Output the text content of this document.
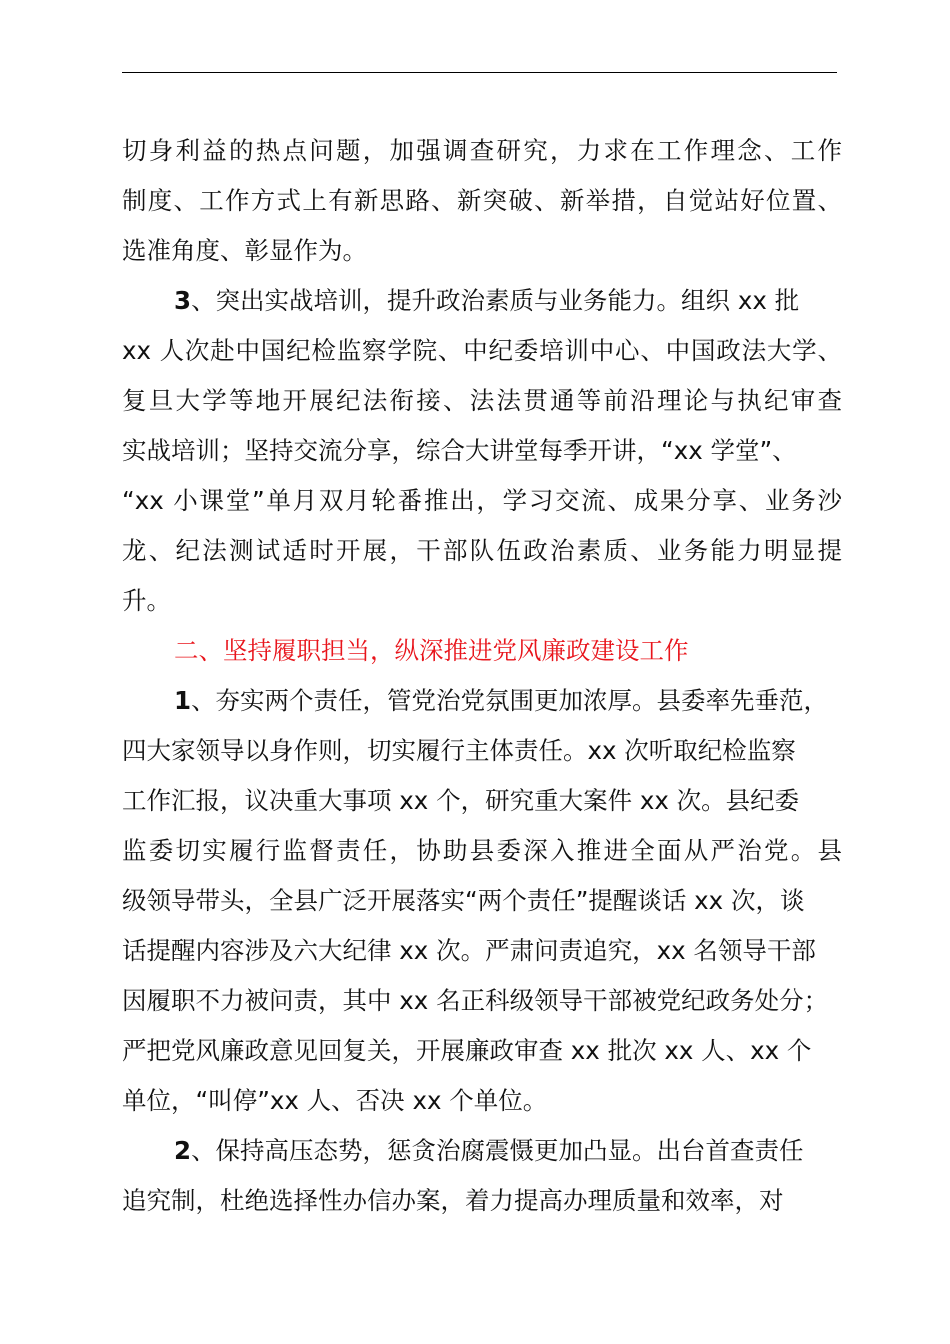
切身利益的热点问题，加强调查研究，力求在工作理念、工作
制度、工作方式上有新思路、新突破、新举措，自觉站好位置、
选准角度、彰显作为。
3、突出实战培训，提升政治素质与业务能力。组织 xx 批
xx 人次赴中国纪检监察学院、中纪委培训中心、中国政法大学、
复旦大学等地开展纪法衔接、法法贯通等前沿理论与执纪审查
实战培训；坚持交流分享，综合大讲堂每季开讲，“xx 学堂”、
“xx 小课堂”单月双月轮番推出，学习交流、成果分享、业务沙
龙、纪法测试适时开展，干部队伍政治素质、业务能力明显提
升。
二、坚持履职担当，纵深推进党风廉政建设工作
1、夯实两个责任，管党治党氛围更加浓厚。县委率先垂范，
四大家领导以身作则，切实履行主体责任。xx 次听取纪检监察
工作汇报，议决重大事项 xx 个，研究重大案件 xx 次。县纪委
监委切实履行监督责任，协助县委深入推进全面从严治党。县
级领导带头，全县广泛开展落实“两个责任”提醒谈话 xx 次，谈
话提醒内容涉及六大纪律 xx 次。严肃问责追究，xx 名领导干部
因履职不力被问责，其中 xx 名正科级领导干部被党纪政务处分；
严把党风廉政意见回复关，开展廉政审查 xx 批次 xx 人、xx 个
单位，“叫停”xx 人、否决 xx 个单位。
2、保持高压态势，惩贪治腐震慑更加凸显。出台首查责任
追究制，杜绝选择性办信办案，着力提高办理质量和效率，对
